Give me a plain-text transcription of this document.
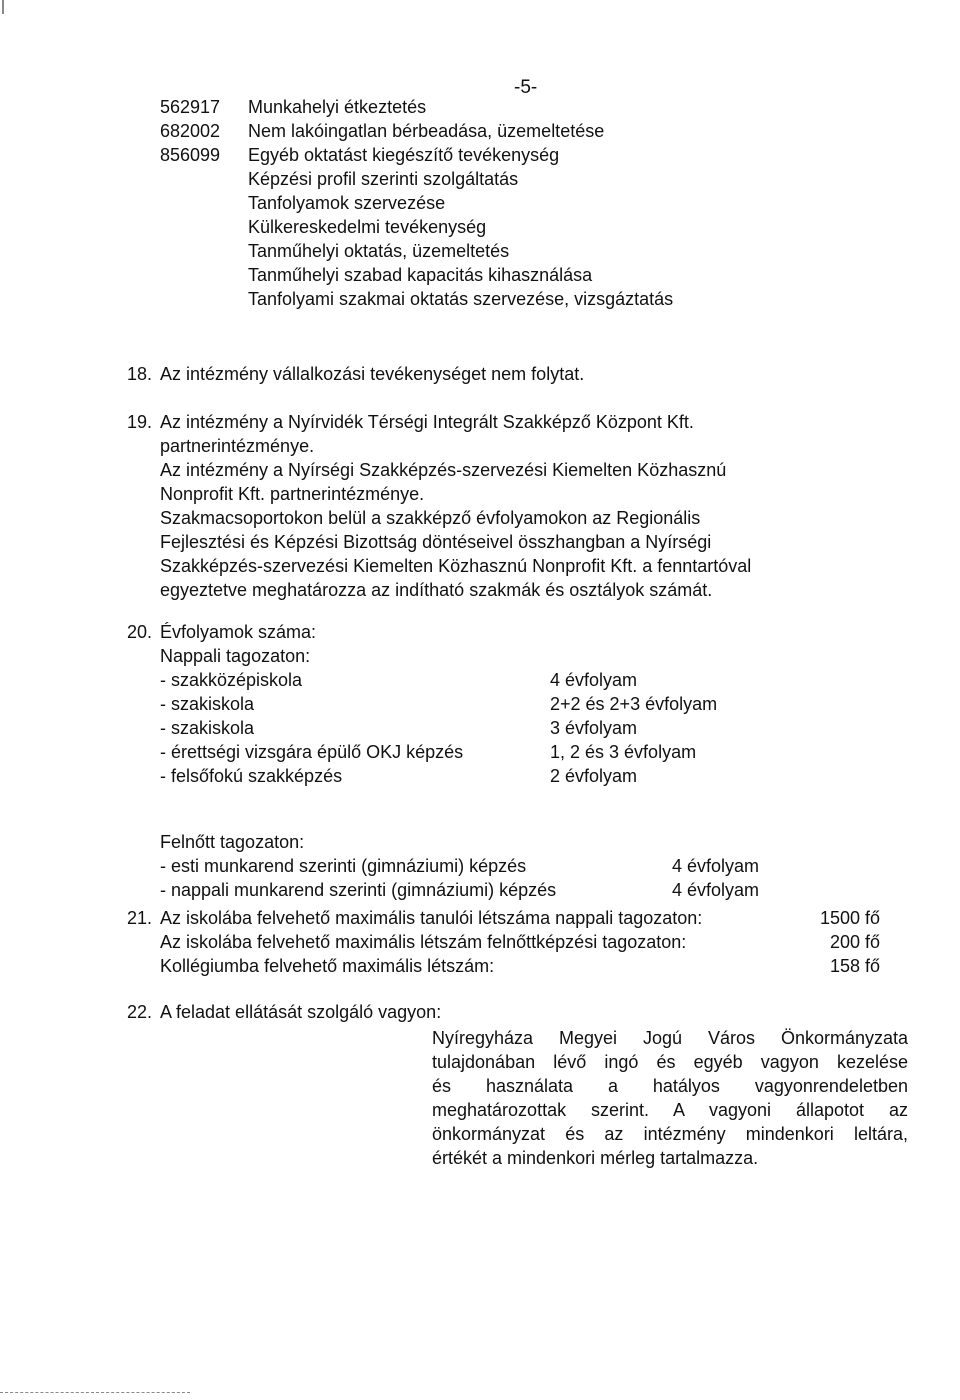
-5-
562917	Munkahelyi étkeztetés
682002	Nem lakóingatlan bérbeadása, üzemeltetése
856099	Egyéb oktatást kiegészítő tevékenység
Képzési profil szerinti szolgáltatás
Tanfolyamok szervezése
Külkereskedelmi tevékenység
Tanműhelyi oktatás, üzemeltetés
Tanműhelyi szabad kapacitás kihasználása
Tanfolyami szakmai oktatás szervezése, vizsgáztatás
18. Az intézmény vállalkozási tevékenységet nem folytat.
19. Az intézmény a Nyírvidék Térségi Integrált Szakképző Központ Kft.
partnerintézménye.
Az intézmény a Nyírségi Szakképzés-szervezési Kiemelten Közhasznú
Nonprofit Kft. partnerintézménye.
Szakmacsoportokon belül a szakképző évfolyamokon az Regionális
Fejlesztési és Képzési Bizottság döntéseivel összhangban a Nyírségi
Szakképzés-szervezési Kiemelten Közhasznú Nonprofit Kft. a fenntartóval
egyeztetve meghatározza az indítható szakmák és osztályok számát.
20. Évfolyamok száma:
Nappali tagozaton:
- szakközépiskola	4 évfolyam
- szakiskola	2+2 és 2+3 évfolyam
- szakiskola	3 évfolyam
- érettségi vizsgára épülő OKJ képzés	1, 2 és 3 évfolyam
- felsőfokú szakképzés	2 évfolyam
Felnőtt tagozaton:
- esti munkarend szerinti (gimnáziumi) képzés	4 évfolyam
- nappali munkarend szerinti (gimnáziumi) képzés	4 évfolyam
21. Az iskolába felvehető maximális tanulói létszáma nappali tagozaton:	1500 fő
Az iskolába felvehető maximális létszám felnőttképzési tagozaton:	200 fő
Kollégiumba felvehető maximális létszám:	158 fő
22. A feladat ellátását szolgáló vagyon:
Nyíregyháza Megyei Jogú Város Önkormányzata
tulajdonában lévő ingó és egyéb vagyon kezelése
és használata a hatályos vagyonrendeletben
meghatározottak szerint. A vagyoni állapotot az
önkormányzat és az intézmény mindenkori leltára,
értékét a mindenkori mérleg tartalmazza.
